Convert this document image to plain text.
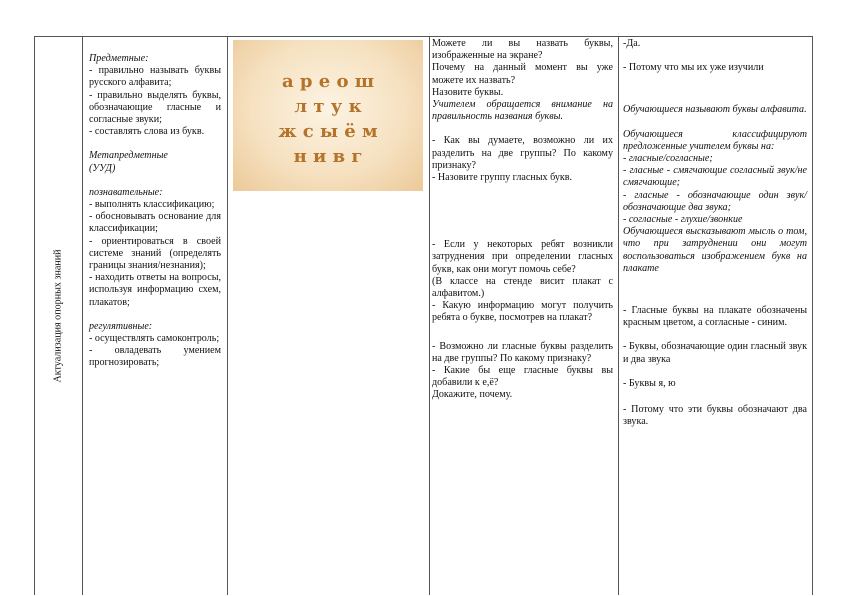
Актуализация опорных знаний

Предметные:

- правильно называть буквы русского алфавита;

- правильно выделять буквы, обозначающие гласные и согласные звуки;

- составлять слова из букв.

Метапредметные

(УУД)

познавательные:

- выполнять классификацию;

- обосновывать основание для классификации;

- ориентироваться в своей системе знаний (определять границы знания/незнания);

- находить ответы на вопросы, используя информацию схем, плакатов;

регулятивные:

- осуществлять самоконтроль;

- овладевать умением прогнозировать;

а р е о ш
л т у к
ж с ы ё м
н и в г

Можете ли вы назвать буквы, изображенные на экране?

Почему на данный момент вы уже можете их назвать?

Назовите буквы.

Учителем обращается внимание на правильность названия буквы.

- Как вы думаете, возможно ли их разделить на две группы? По какому признаку?

- Назовите группу гласных букв.

- Если у некоторых ребят возникли затруднения при определении гласных букв, как они могут помочь себе?

(В классе на стенде висит плакат с алфавитом.)

- Какую информацию могут получить ребята о букве, посмотрев на плакат?

- Возможно ли гласные буквы разделить на две группы? По какому признаку?

- Какие бы еще гласные буквы вы добавили к е,ё?

Докажите, почему.

-Да.

- Потому что мы их уже изучили

Обучающиеся называют буквы алфавита.

Обучающиеся классифицируют предложенные учителем буквы на:

- гласные/согласные;

- гласные - смягчающие согласный звук/не смягчающие;

- гласные - обозначающие один звук/обозначающие два звука;

- согласные - глухие/звонкие

Обучающиеся высказывают мысль о том, что при затруднении они могут воспользоваться изображением букв на плакате

- Гласные буквы на плакате обозначены красным цветом, а согласные - синим.

- Буквы, обозначающие один гласный звук и два звука

- Буквы я, ю

- Потому что эти буквы обозначают два звука.
